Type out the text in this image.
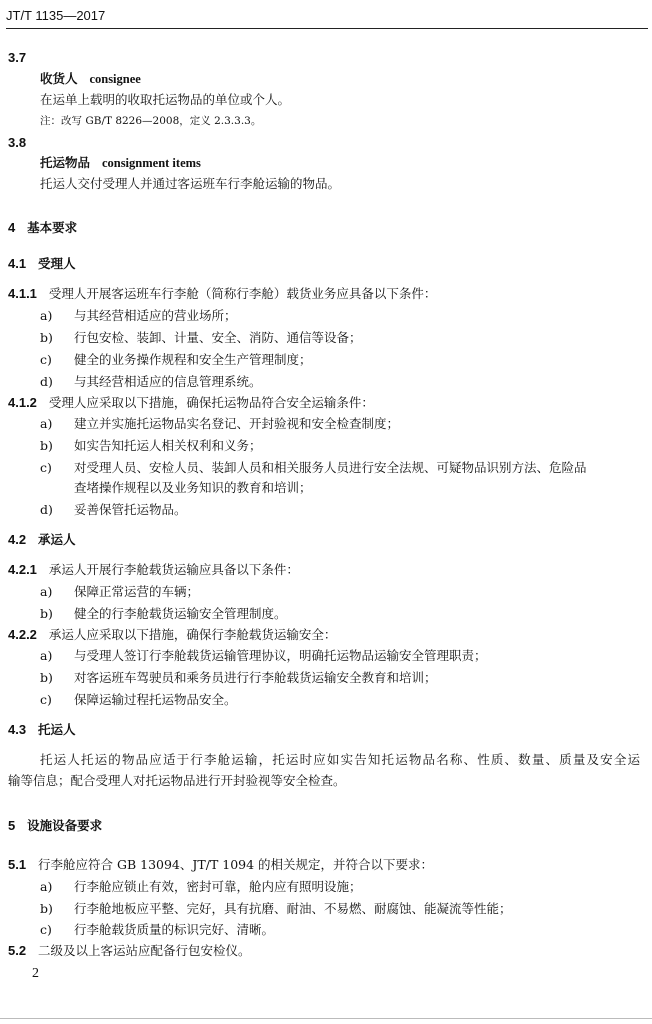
JT/T 1135—2017
3.7
收货人 consignee
在运单上载明的收取托运物品的单位或个人。
注：改写 GB/T 8226—2008，定义 2.3.3.3。
3.8
托运物品 consignment items
托运人交付受理人并通过客运班车行李舱运输的物品。
4 基本要求
4.1 受理人
4.1.1 受理人开展客运班车行李舱（简称行李舱）载货业务应具备以下条件：
a) 与其经营相适应的营业场所；
b) 行包安检、装卸、计量、安全、消防、通信等设备；
c) 健全的业务操作规程和安全生产管理制度；
d) 与其经营相适应的信息管理系统。
4.1.2 受理人应采取以下措施，确保托运物品符合安全运输条件：
a) 建立并实施托运物品实名登记、开封验视和安全检查制度；
b) 如实告知托运人相关权利和义务；
c) 对受理人员、安检人员、装卸人员和相关服务人员进行安全法规、可疑物品识别方法、危险品
查堵操作规程以及业务知识的教育和培训；
d) 妥善保管托运物品。
4.2 承运人
4.2.1 承运人开展行李舱载货运输应具备以下条件：
a) 保障正常运营的车辆；
b) 健全的行李舱载货运输安全管理制度。
4.2.2 承运人应采取以下措施，确保行李舱载货运输安全：
a) 与受理人签订行李舱载货运输管理协议，明确托运物品运输安全管理职责；
b) 对客运班车驾驶员和乘务员进行行李舱载货运输安全教育和培训；
c) 保障运输过程托运物品安全。
4.3 托运人
托运人托运的物品应适于行李舱运输，托运时应如实告知托运物品名称、性质、数量、质量及安全运
输等信息；配合受理人对托运物品进行开封验视等安全检查。
5 设施设备要求
5.1 行李舱应符合 GB 13094、JT/T 1094 的相关规定，并符合以下要求：
a) 行李舱应锁止有效，密封可靠，舱内应有照明设施；
b) 行李舱地板应平整、完好，具有抗磨、耐油、不易燃、耐腐蚀、能凝流等性能；
c) 行李舱载货质量的标识完好、清晰。
5.2 二级及以上客运站应配备行包安检仪。
2
